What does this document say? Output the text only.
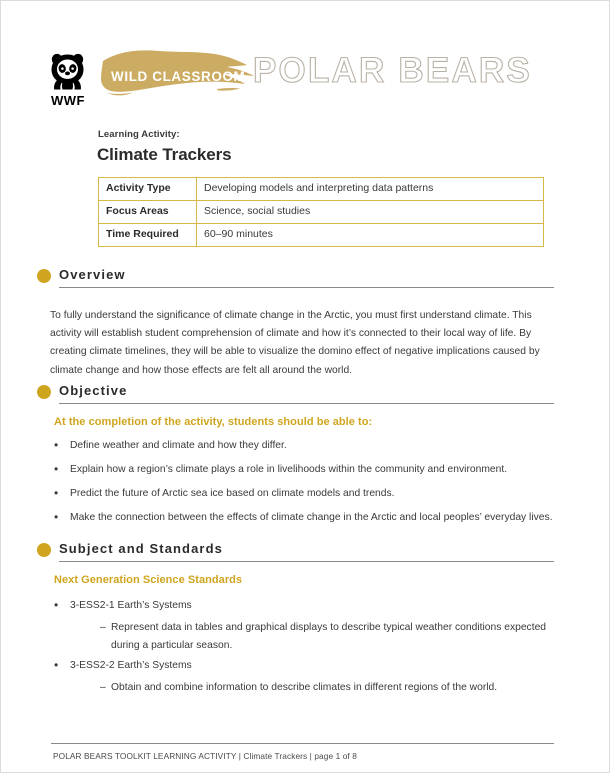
WWF
WILD CLASSROOM POLAR BEARS
Learning Activity:
Climate Trackers
Activity Type	Developing models and interpreting data patterns
Focus Areas	Science, social studies
Time Required	60–90 minutes
Overview
To fully understand the significance of climate change in the Arctic, you must first understand climate. This activity will establish student comprehension of climate and how it’s connected to their local way of life. By creating climate timelines, they will be able to visualize the domino effect of negative implications caused by climate change and how those effects are felt all around the world.
Objective
At the completion of the activity, students should be able to:
• Define weather and climate and how they differ.
• Explain how a region’s climate plays a role in livelihoods within the community and environment.
• Predict the future of Arctic sea ice based on climate models and trends.
• Make the connection between the effects of climate change in the Arctic and local peoples’ everyday lives.
Subject and Standards
Next Generation Science Standards
• 3-ESS2-1 Earth’s Systems
– Represent data in tables and graphical displays to describe typical weather conditions expected during a particular season.
• 3-ESS2-2 Earth’s Systems
– Obtain and combine information to describe climates in different regions of the world.
POLAR BEARS TOOLKIT LEARNING ACTIVITY | Climate Trackers | page 1 of 8
